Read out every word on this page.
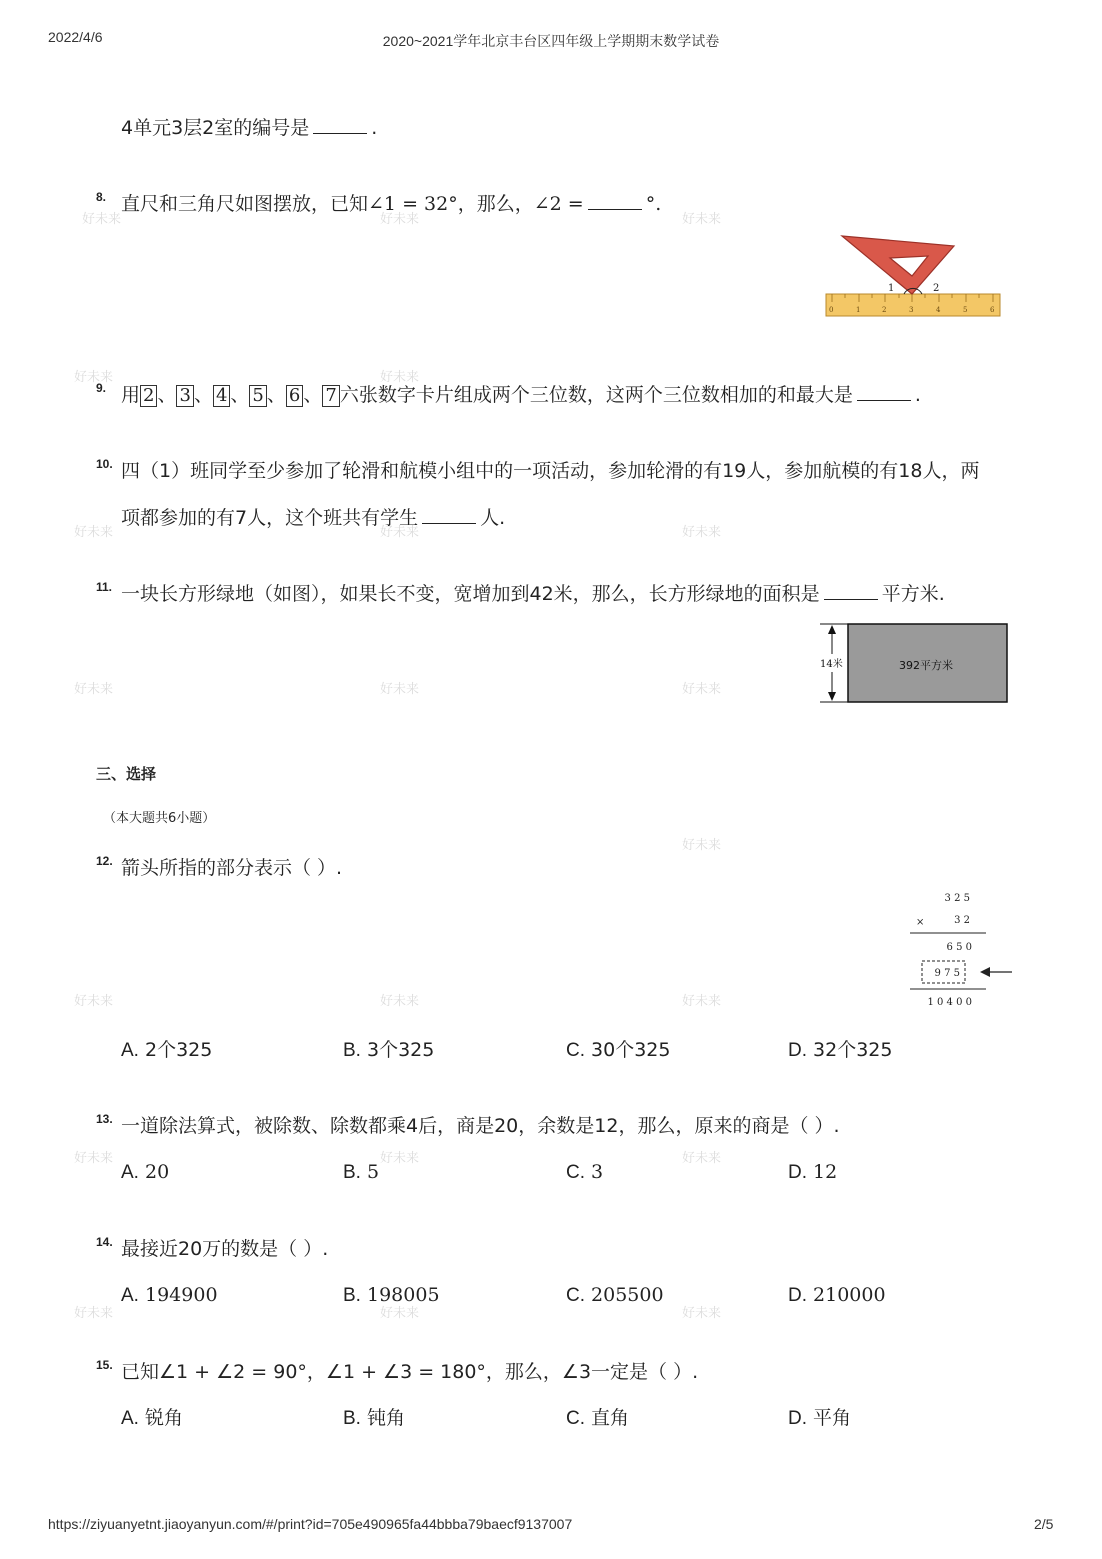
2022/4/6	2020~2021学年北京丰台区四年级上学期期末数学试卷
好未来	好未来	好未来
好未来	好未来
好未来	好未来	好未来
好未来	好未来	好未来
好未来
好未来	好未来	好未来
好未来	好未来	好未来
好未来	好未来	好未来
4单元3层2室的编号是	.
8. 直尺和三角尺如图摆放，已知∠1 = 32°，那么，∠2 =	°.
0	1	2	3	4	5	6
1	2
9. 用 2 、 3 、 4 、 5 、 6 、 7 六张数字卡片组成两个三位数，这两个三位数相加的和最大是	.
10. 四（1）班同学至少参加了轮滑和航模小组中的一项活动，参加轮滑的有19人，参加航模的有18人，两
项都参加的有7人，这个班共有学生	人.
11. 一块长方形绿地（如图），如果长不变，宽增加到42米，那么，长方形绿地的面积是	平方米.
14米	392平方米
三、选择
（本大题共6小题）
12. 箭头所指的部分表示（ ）.
3 2 5
×	3 2
6 5 0
9 7 5
1 0 4 0 0
A. 2个325	B. 3个325	C. 30个325	D. 32个325
13. 一道除法算式，被除数、除数都乘4后，商是20，余数是12，那么，原来的商是（ ）.
A. 20	B. 5	C. 3	D. 12
14. 最接近20万的数是（ ）.
A. 194900	B. 198005	C. 205500	D. 210000
15. 已知∠1 + ∠2 = 90°，∠1 + ∠3 = 180°，那么，∠3一定是（ ）.
A. 锐角	B. 钝角	C. 直角	D. 平角
https://ziyuanyetnt.jiaoyanyun.com/#/print?id=705e490965fa44bbba79baecf9137007	2/5
